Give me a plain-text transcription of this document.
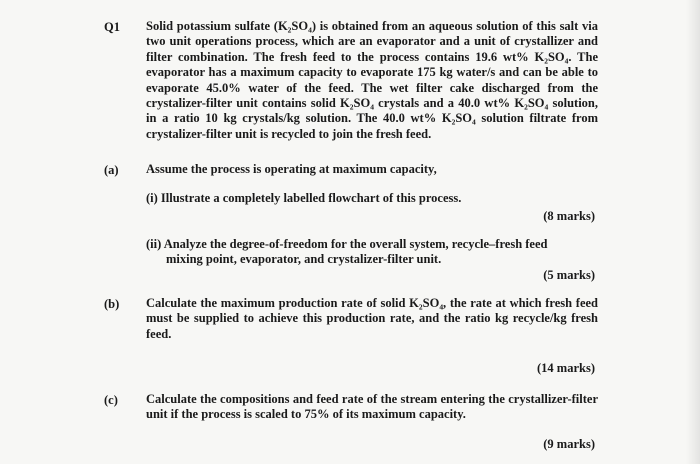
Q1 Solid potassium sulfate (K₂SO₄) is obtained from an aqueous solution of this salt via two unit operations process, which are an evaporator and a unit of crystallizer and filter combination. The fresh feed to the process contains 19.6 wt% K₂SO₄. The evaporator has a maximum capacity to evaporate 175 kg water/s and can be able to evaporate 45.0% water of the feed. The wet filter cake discharged from the crystalizer-filter unit contains solid K₂SO₄ crystals and a 40.0 wt% K₂SO₄ solution, in a ratio 10 kg crystals/kg solution. The 40.0 wt% K₂SO₄ solution filtrate from crystalizer-filter unit is recycled to join the fresh feed.
(a) Assume the process is operating at maximum capacity,
(i) Illustrate a completely labelled flowchart of this process.
(8 marks)
(ii) Analyze the degree-of-freedom for the overall system, recycle–fresh feed
mixing point, evaporator, and crystalizer-filter unit.
(5 marks)
(b) Calculate the maximum production rate of solid K₂SO₄, the rate at which fresh feed must be supplied to achieve this production rate, and the ratio kg recycle/kg fresh feed.
(14 marks)
(c) Calculate the compositions and feed rate of the stream entering the crystallizer-filter unit if the process is scaled to 75% of its maximum capacity.
(9 marks)
